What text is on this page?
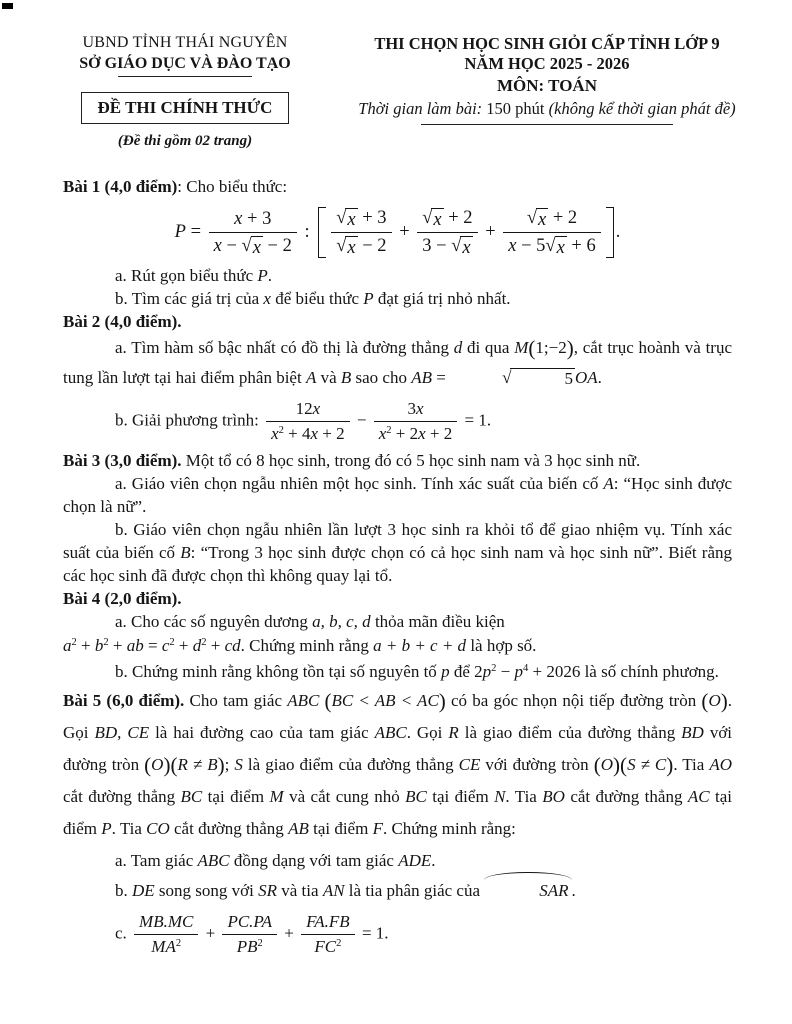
UBND TỈNH THÁI NGUYÊN
SỞ GIÁO DỤC VÀ ĐÀO TẠO
ĐỀ THI CHÍNH THỨC
(Đề thi gồm 02 trang)
THI CHỌN HỌC SINH GIỎI CẤP TỈNH LỚP 9
NĂM HỌC 2025 - 2026
MÔN: TOÁN
Thời gian làm bài: 150 phút (không kể thời gian phát đề)

Bài 1 (4,0 điểm): Cho biểu thức:

$P = \frac{x + 3}{x - √ x - 2}$ : $\frac{√ x + 3}{√ x - 2} + \frac{√ x + 2}{3 - √ x} + \frac{√ x + 2}{x - 5 √ x + 6}$ .

a. Rút gọn biểu thức P.

b. Tìm các giá trị của x để biểu thức P đạt giá trị nhỏ nhất.

Bài 2 (4,0 điểm).

a. Tìm hàm số bậc nhất có đồ thị là đường thẳng d đi qua M(1;−2), cắt trục hoành và trục tung lần lượt tại hai điểm phân biệt A và B sao cho AB =	√	5 OA.

b. Giải phương trình: $\frac{12x}{x^2 + 4x + 2} - \frac{3x}{x^2 + 2x + 2} = 1$.

Bài 3 (3,0 điểm). Một tổ có 8 học sinh, trong đó có 5 học sinh nam và 3 học sinh nữ.

a. Giáo viên chọn ngẫu nhiên một học sinh. Tính xác suất của biến cố A: “Học sinh được chọn là nữ”.

b. Giáo viên chọn ngẫu nhiên lần lượt 3 học sinh ra khỏi tổ để giao nhiệm vụ. Tính xác suất của biến cố B: “Trong 3 học sinh được chọn có cả học sinh nam và học sinh nữ”. Biết rằng các học sinh đã được chọn thì không quay lại tổ.

Bài 4 (2,0 điểm).

a. Cho các số nguyên dương a, b, c, d thỏa mãn điều kiện

$a^2 + b^2$ + ab = $c^2 + d^2$ + cd. Chứng minh rằng a + b + c + d là hợp số.

b. Chứng minh rằng không tồn tại số nguyên tố p để $2p^2 - p^4 + 2026$ là số chính phương.

Bài 5 (6,0 điểm). Cho tam giác ABC (BC < AB < AC) có ba góc nhọn nội tiếp đường tròn (O). Gọi BD, CE là hai đường cao của tam giác ABC. Gọi R là giao điểm của đường thẳng BD với đường tròn (O)(R ≠ B); S là giao điểm của đường thẳng CE với đường tròn (O)(S ≠ C). Tia AO cắt đường thẳng BC tại điểm M và cắt cung nhỏ BC tại điểm N. Tia BO cắt đường thẳng AC tại điểm P. Tia CO cắt đường thẳng AB tại điểm F. Chứng minh rằng:

a. Tam giác ABC đồng dạng với tam giác ADE.

b. DE song song với SR và tia AN là tia phân giác của	SAR .

c. $\frac{MB.MC}{MA^2} + \frac{PC.PA}{PB^2} + \frac{FA.FB}{FC^2} = 1$.
